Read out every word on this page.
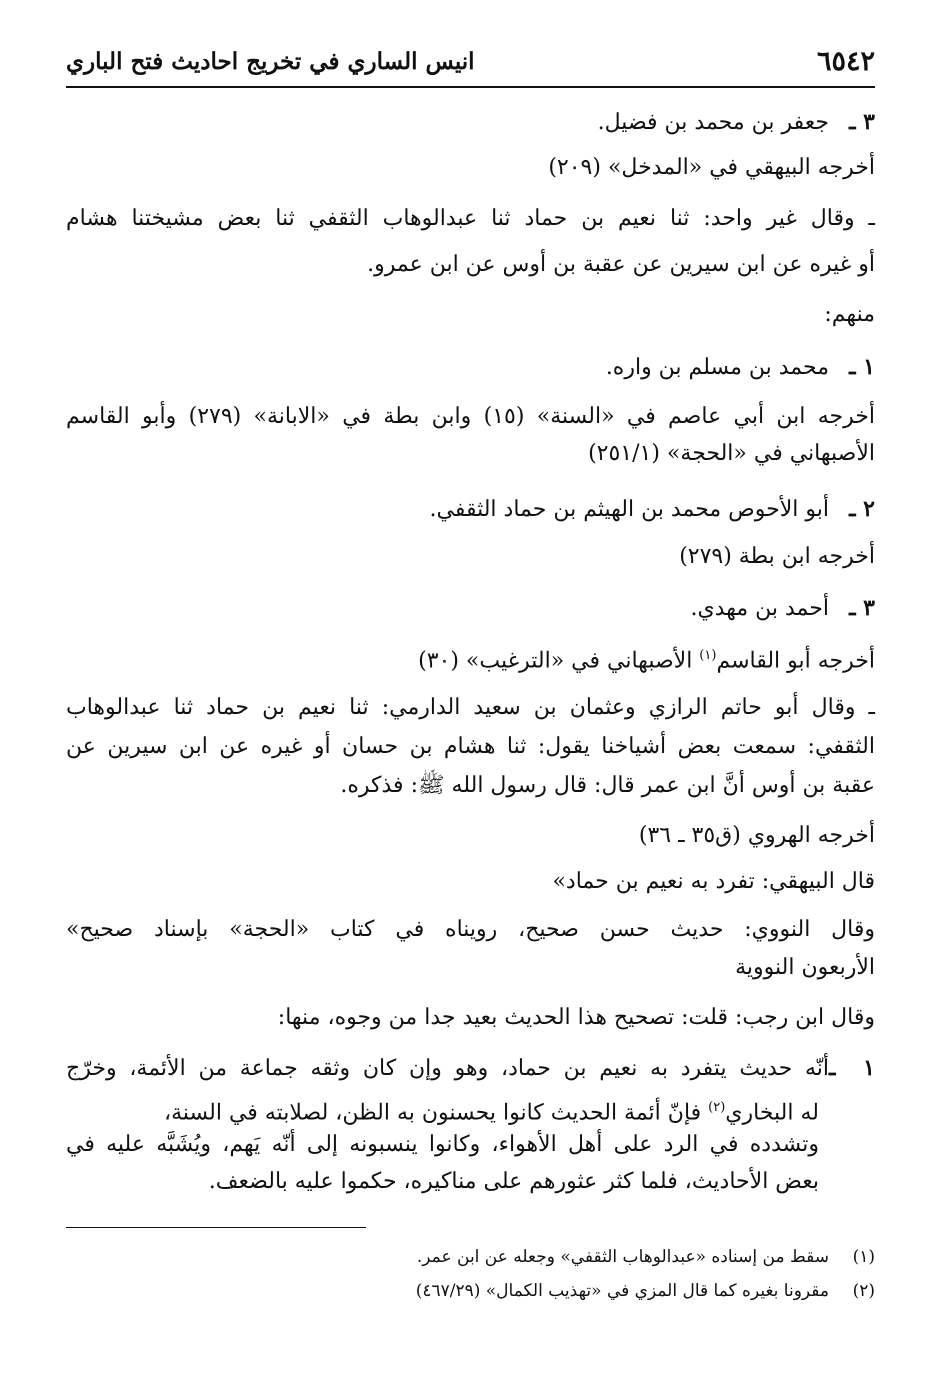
٦٥٤٢
انيس الساري في تخريج احاديث فتح الباري
٣ ـجعفر بن محمد بن فضيل.
أخرجه البيهقي في «المدخل» (٢٠٩)
ـ وقال غير واحد: ثنا نعيم بن حماد ثنا عبدالوهاب الثقفي ثنا بعض مشيختنا هشام
أو غيره عن ابن سيرين عن عقبة بن أوس عن ابن عمرو.
منهم:
١ ـمحمد بن مسلم بن واره.
أخرجه ابن أبي عاصم في «السنة» (١٥) وابن بطة في «الابانة» (٢٧٩) وأبو القاسم
الأصبهاني في «الحجة» (٢٥١/١)
٢ ـأبو الأحوص محمد بن الهيثم بن حماد الثقفي.
أخرجه ابن بطة (٢٧٩)
٣ ـأحمد بن مهدي.
أخرجه أبو القاسم$^{(١)}$ الأصبهاني في «الترغيب» (٣٠)
ـ وقال أبو حاتم الرازي وعثمان بن سعيد الدارمي: ثنا نعيم بن حماد ثنا عبدالوهاب
الثقفي: سمعت بعض أشياخنا يقول: ثنا هشام بن حسان أو غيره عن ابن سيرين عن
عقبة بن أوس أنَّ ابن عمر قال: قال رسول الله ﷺ: فذكره.
أخرجه الهروي (ق٣٥ ـ ٣٦)
قال البيهقي: تفرد به نعيم بن حماد»
وقال النووي: حديث حسن صحيح، رويناه في كتاب «الحجة» بإسناد صحيح»
الأربعون النووية
وقال ابن رجب: قلت: تصحيح هذا الحديث بعيد جدا من وجوه، منها:
١ ـأنّه حديث يتفرد به نعيم بن حماد، وهو وإن كان وثقه جماعة من الأئمة، وخرّج
له البخاري$^{(٢)}$ فإنّ أئمة الحديث كانوا يحسنون به الظن، لصلابته في السنة،
وتشدده في الرد على أهل الأهواء، وكانوا ينسبونه إلى أنّه يَهم، ويُشَبَّه عليه في
بعض الأحاديث، فلما كثر عثورهم على مناكيره، حكموا عليه بالضعف.
(١)سقط من إسناده «عبدالوهاب الثقفي» وجعله عن ابن عمر.
(٢)مقرونا بغيره كما قال المزي في «تهذيب الكمال» (٤٦٧/٢٩)
